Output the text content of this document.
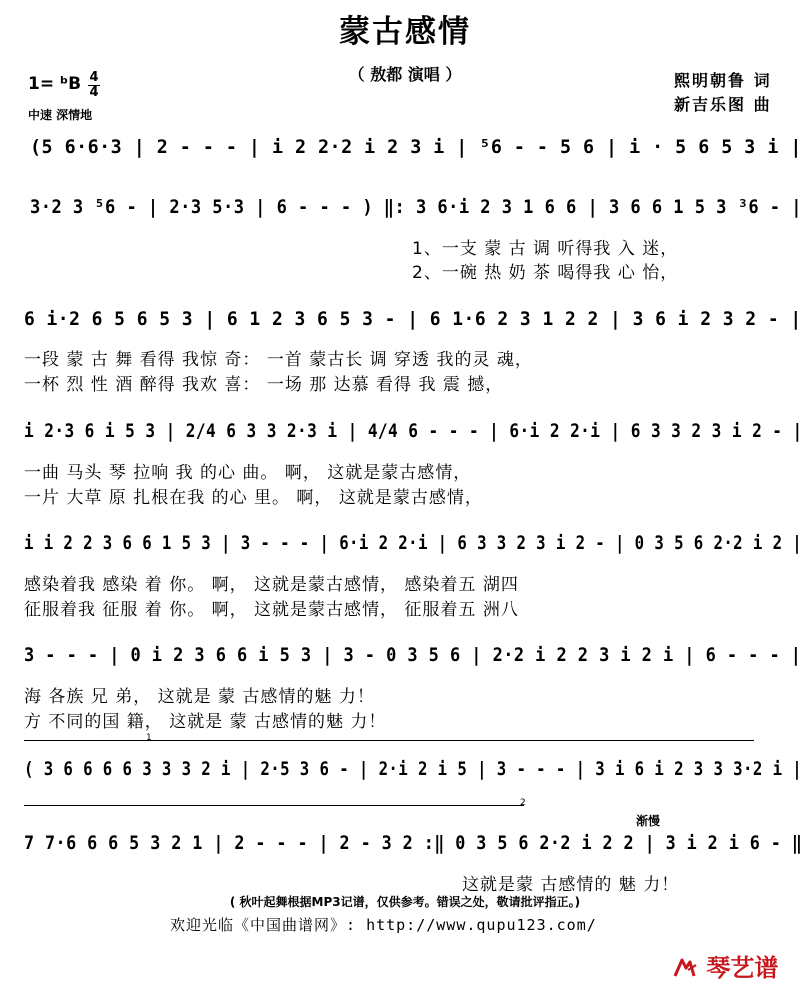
蒙古感情
（ 敖都 演唱 ）	熙明朝鲁 词
新吉乐图 曲
1= ᵇB 4
4
中速 深情地
(5 6·6·3 | 2 - - - | i 2 2·2 i 2 3 i | ⁵6 - - 5 6 | i · 5 6 5 3 i |
3·2 3 ⁵6 - | 2·3 5·3 | 6 - - - ) ‖: 3 6·i 2 3 1 6 6 | 3 6 6 1 5 3 ³6 - |
1、一支 蒙 古 调 听得我 入 迷，
2、一碗 热 奶 茶 喝得我 心 怡，
6 i·2 6 5 6 5 3 | 6 1 2 3 6 5 3 - | 6 1·6 2 3 1 2 2 | 3 6 i 2 3 2 - |
一段 蒙 古 舞 看得 我惊 奇： 一首 蒙古长 调 穿透 我的灵 魂，
一杯 烈 性 酒 醉得 我欢 喜： 一场 那 达慕 看得 我 震 撼，
i 2·3 6 i 5 3 | 2/4 6 3 3 2·3 i | 4/4 6 - - - | 6·i 2 2·i | 6 3 3 2 3 i 2 - |
一曲 马头 琴 拉响 我 的心 曲。 啊， 这就是蒙古感情，
一片 大草 原 扎根在我 的心 里。 啊， 这就是蒙古感情，
i i 2 2 3 6 6 1 5 3 | 3 - - - | 6·i 2 2·i | 6 3 3 2 3 i 2 - | 0 3 5 6 2·2 i 2 |
感染着我 感染 着 你。 啊， 这就是蒙古感情， 感染着五 湖四
征服着我 征服 着 你。 啊， 这就是蒙古感情， 征服着五 洲八
3 - - - | 0 i 2 3 6 6 i 5 3 | 3 - 0 3 5 6 | 2·2 i 2 2 3 i 2 i | 6 - - - |
海 各族 兄 弟， 这就是 蒙 古感情的魅 力！
方 不同的国 籍， 这就是 蒙 古感情的魅 力！
1
( 3 6 6 6 6 3 3 3 2 i | 2·5 3 6 - | 2·i 2 i 5 | 3 - - - | 3 i 6 i 2 3 3 3·2 i |
2
渐慢
7 7·6 6 6 5 3 2 1 | 2 - - - | 2 - 3 2 :‖ 0 3 5 6 2·2 i 2 2 | 3 i 2 i 6 - ‖
这就是蒙 古感情的 魅 力！
( 秋叶起舞根据MP3记谱，仅供参考。错误之处，敬请批评指正。)
欢迎光临《中国曲谱网》: http://www.qupu123.com/
琴艺谱
